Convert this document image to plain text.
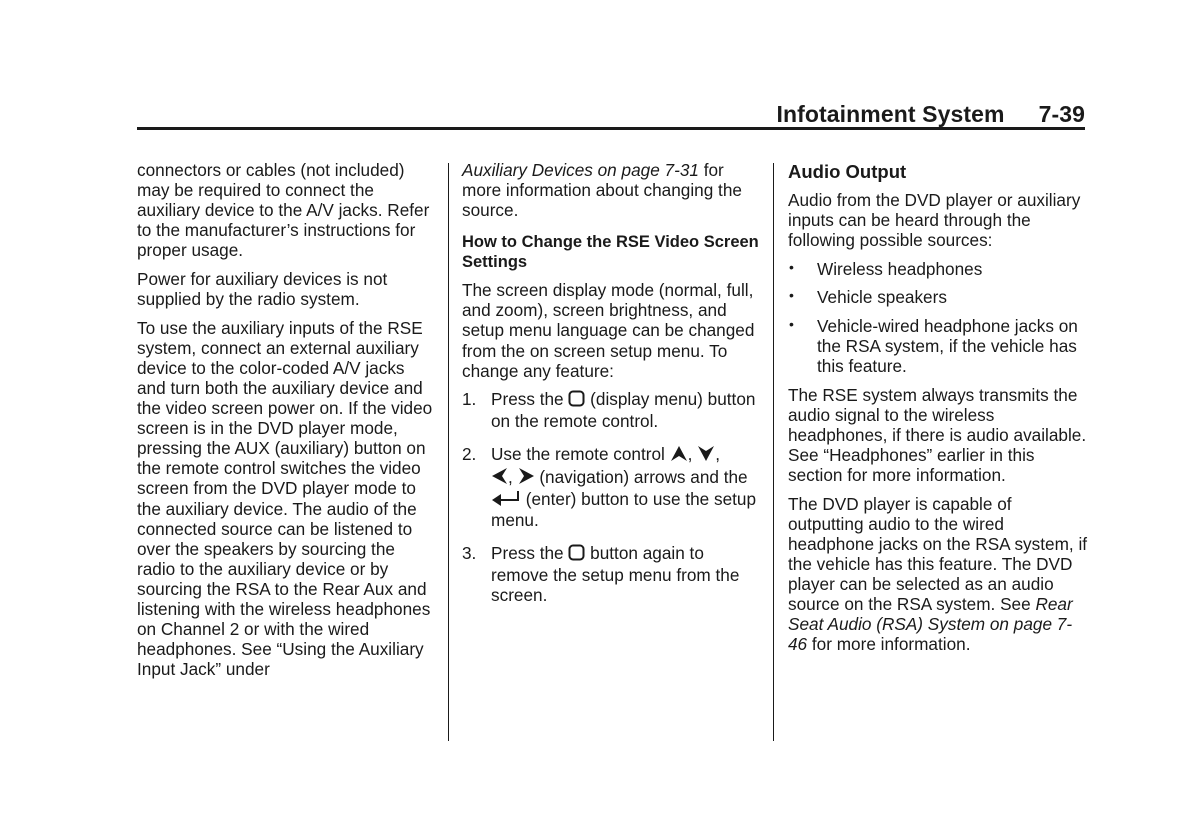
Infotainment System 7-39

connectors or cables (not included) may be required to connect the auxiliary device to the A/V jacks. Refer to the manufacturer’s instructions for proper usage.

Power for auxiliary devices is not supplied by the radio system.

To use the auxiliary inputs of the RSE system, connect an external auxiliary device to the color-coded A/V jacks and turn both the auxiliary device and the video screen power on. If the video screen is in the DVD player mode, pressing the AUX (auxiliary) button on the remote control switches the video screen from the DVD player mode to the auxiliary device. The audio of the connected source can be listened to over the speakers by sourcing the radio to the auxiliary device or by sourcing the RSA to the Rear Aux and listening with the wireless headphones on Channel 2 or with the wired headphones. See “Using the Auxiliary Input Jack” under

Auxiliary Devices on page 7-31 for more information about changing the source.

How to Change the RSE Video Screen Settings

The screen display mode (normal, full, and zoom), screen brightness, and setup menu language can be changed from the on screen setup menu. To change any feature:

1. Press the  (display menu) button on the remote control.
2. Use the remote control , ,
,  (navigation) arrows and the  (enter) button to use the setup menu.
3. Press the  button again to remove the setup menu from the screen.
Audio Output

Audio from the DVD player or auxiliary inputs can be heard through the following possible sources:

• Wireless headphones
• Vehicle speakers
• Vehicle-wired headphone jacks on the RSA system, if the vehicle has this feature.

The RSE system always transmits the audio signal to the wireless headphones, if there is audio available. See “Headphones” earlier in this section for more information.

The DVD player is capable of outputting audio to the wired headphone jacks on the RSA system, if the vehicle has this feature. The DVD player can be selected as an audio source on the RSA system. See Rear Seat Audio (RSA) System on page 7-46 for more information.
